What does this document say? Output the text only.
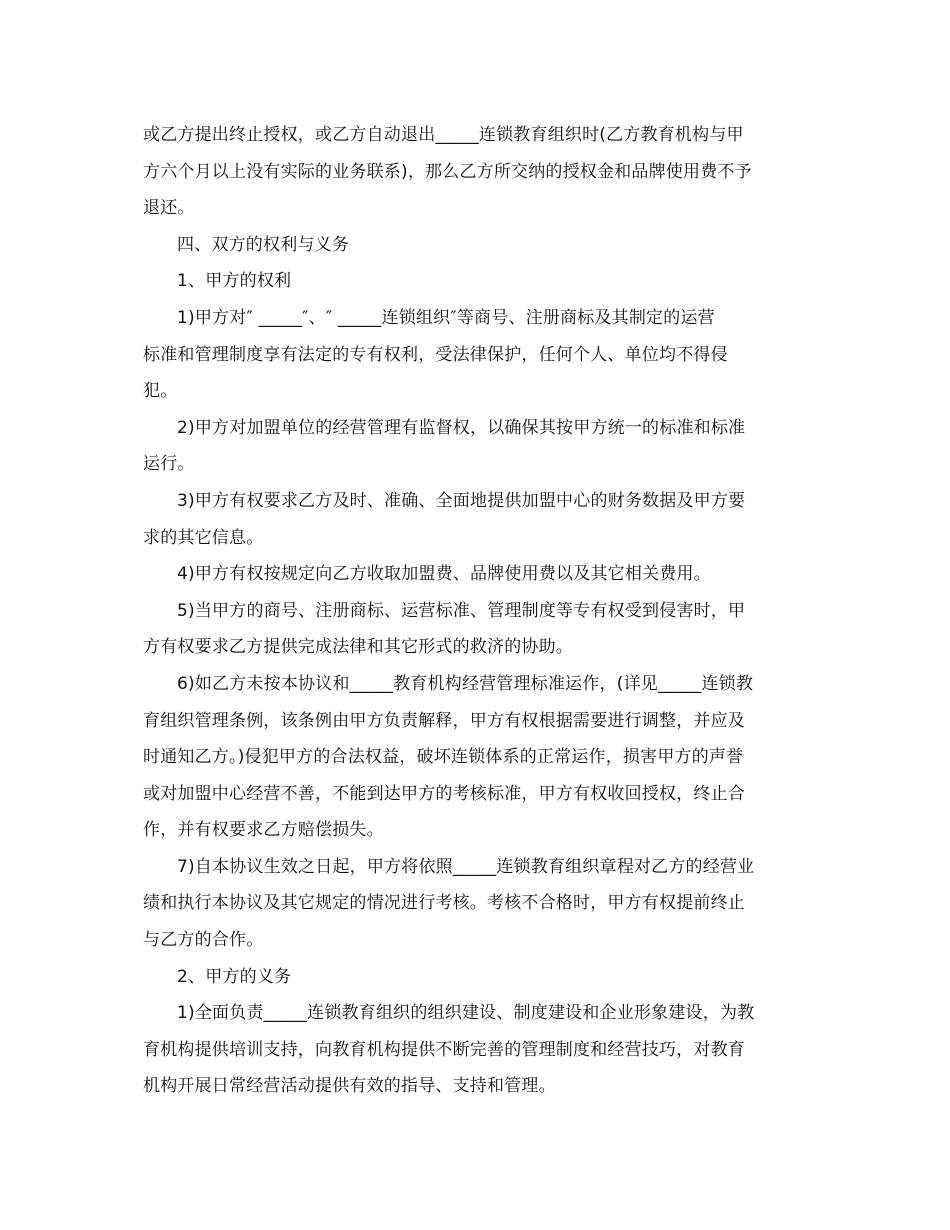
或乙方提出终止授权，或乙方自动退出_____连锁教育组织时(乙方教育机构与甲

方六个月以上没有实际的业务联系)，那么乙方所交纳的授权金和品牌使用费不予

退还。

四、双方的权利与义务

1、甲方的权利

1)甲方对″ _____″、″ _____连锁组织″等商号、注册商标及其制定的运营

标准和管理制度享有法定的专有权利，受法律保护，任何个人、单位均不得侵

犯。

2)甲方对加盟单位的经营管理有监督权，以确保其按甲方统一的标准和标准

运行。

3)甲方有权要求乙方及时、准确、全面地提供加盟中心的财务数据及甲方要

求的其它信息。

4)甲方有权按规定向乙方收取加盟费、品牌使用费以及其它相关费用。

5)当甲方的商号、注册商标、运营标准、管理制度等专有权受到侵害时，甲

方有权要求乙方提供完成法律和其它形式的救济的协助。

6)如乙方未按本协议和_____教育机构经营管理标准运作，(详见_____连锁教

育组织管理条例，该条例由甲方负责解释，甲方有权根据需要进行调整，并应及

时通知乙方。)侵犯甲方的合法权益，破坏连锁体系的正常运作，损害甲方的声誉

或对加盟中心经营不善，不能到达甲方的考核标准，甲方有权收回授权，终止合

作，并有权要求乙方赔偿损失。

7)自本协议生效之日起，甲方将依照_____连锁教育组织章程对乙方的经营业

绩和执行本协议及其它规定的情况进行考核。考核不合格时，甲方有权提前终止

与乙方的合作。

2、甲方的义务

1)全面负责_____连锁教育组织的组织建设、制度建设和企业形象建设，为教

育机构提供培训支持，向教育机构提供不断完善的管理制度和经营技巧，对教育

机构开展日常经营活动提供有效的指导、支持和管理。
